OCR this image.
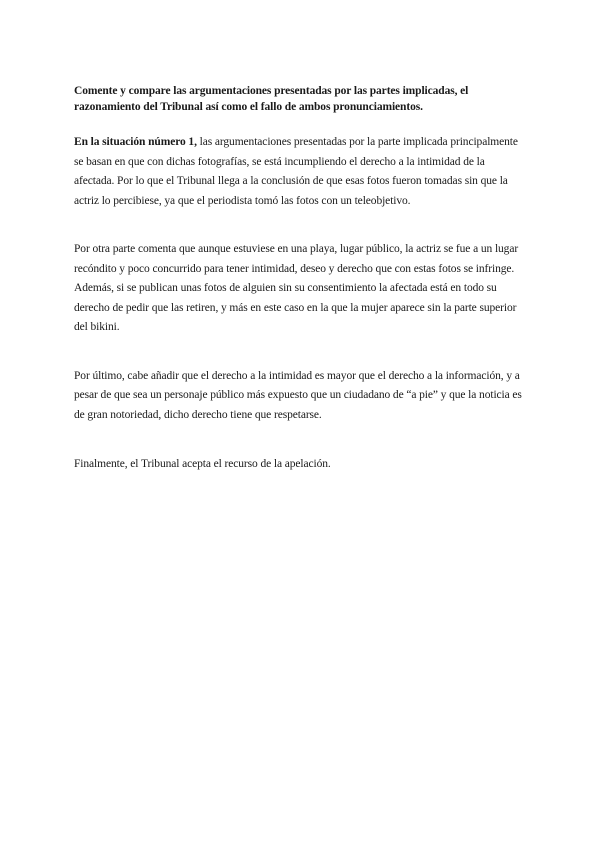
Comente y compare las argumentaciones presentadas por las partes implicadas, el razonamiento del Tribunal así como el fallo de ambos pronunciamientos.

En la situación número 1, las argumentaciones presentadas por la parte implicada principalmente se basan en que con dichas fotografías, se está incumpliendo el derecho a la intimidad de la afectada. Por lo que el Tribunal llega a la conclusión de que esas fotos fueron tomadas sin que la actriz lo percibiese, ya que el periodista tomó las fotos con un teleobjetivo.

Por otra parte comenta que aunque estuviese en una playa, lugar público, la actriz se fue a un lugar recóndito y poco concurrido para tener intimidad, deseo y derecho que con estas fotos se infringe. Además, si se publican unas fotos de alguien sin su consentimiento la afectada está en todo su derecho de pedir que las retiren, y más en este caso en la que la mujer aparece sin la parte superior del bikini.

Por último, cabe añadir que el derecho a la intimidad es mayor que el derecho a la información, y a pesar de que sea un personaje público más expuesto que un ciudadano de “a pie” y que la noticia es de gran notoriedad, dicho derecho tiene que respetarse.

Finalmente, el Tribunal acepta el recurso de la apelación.
